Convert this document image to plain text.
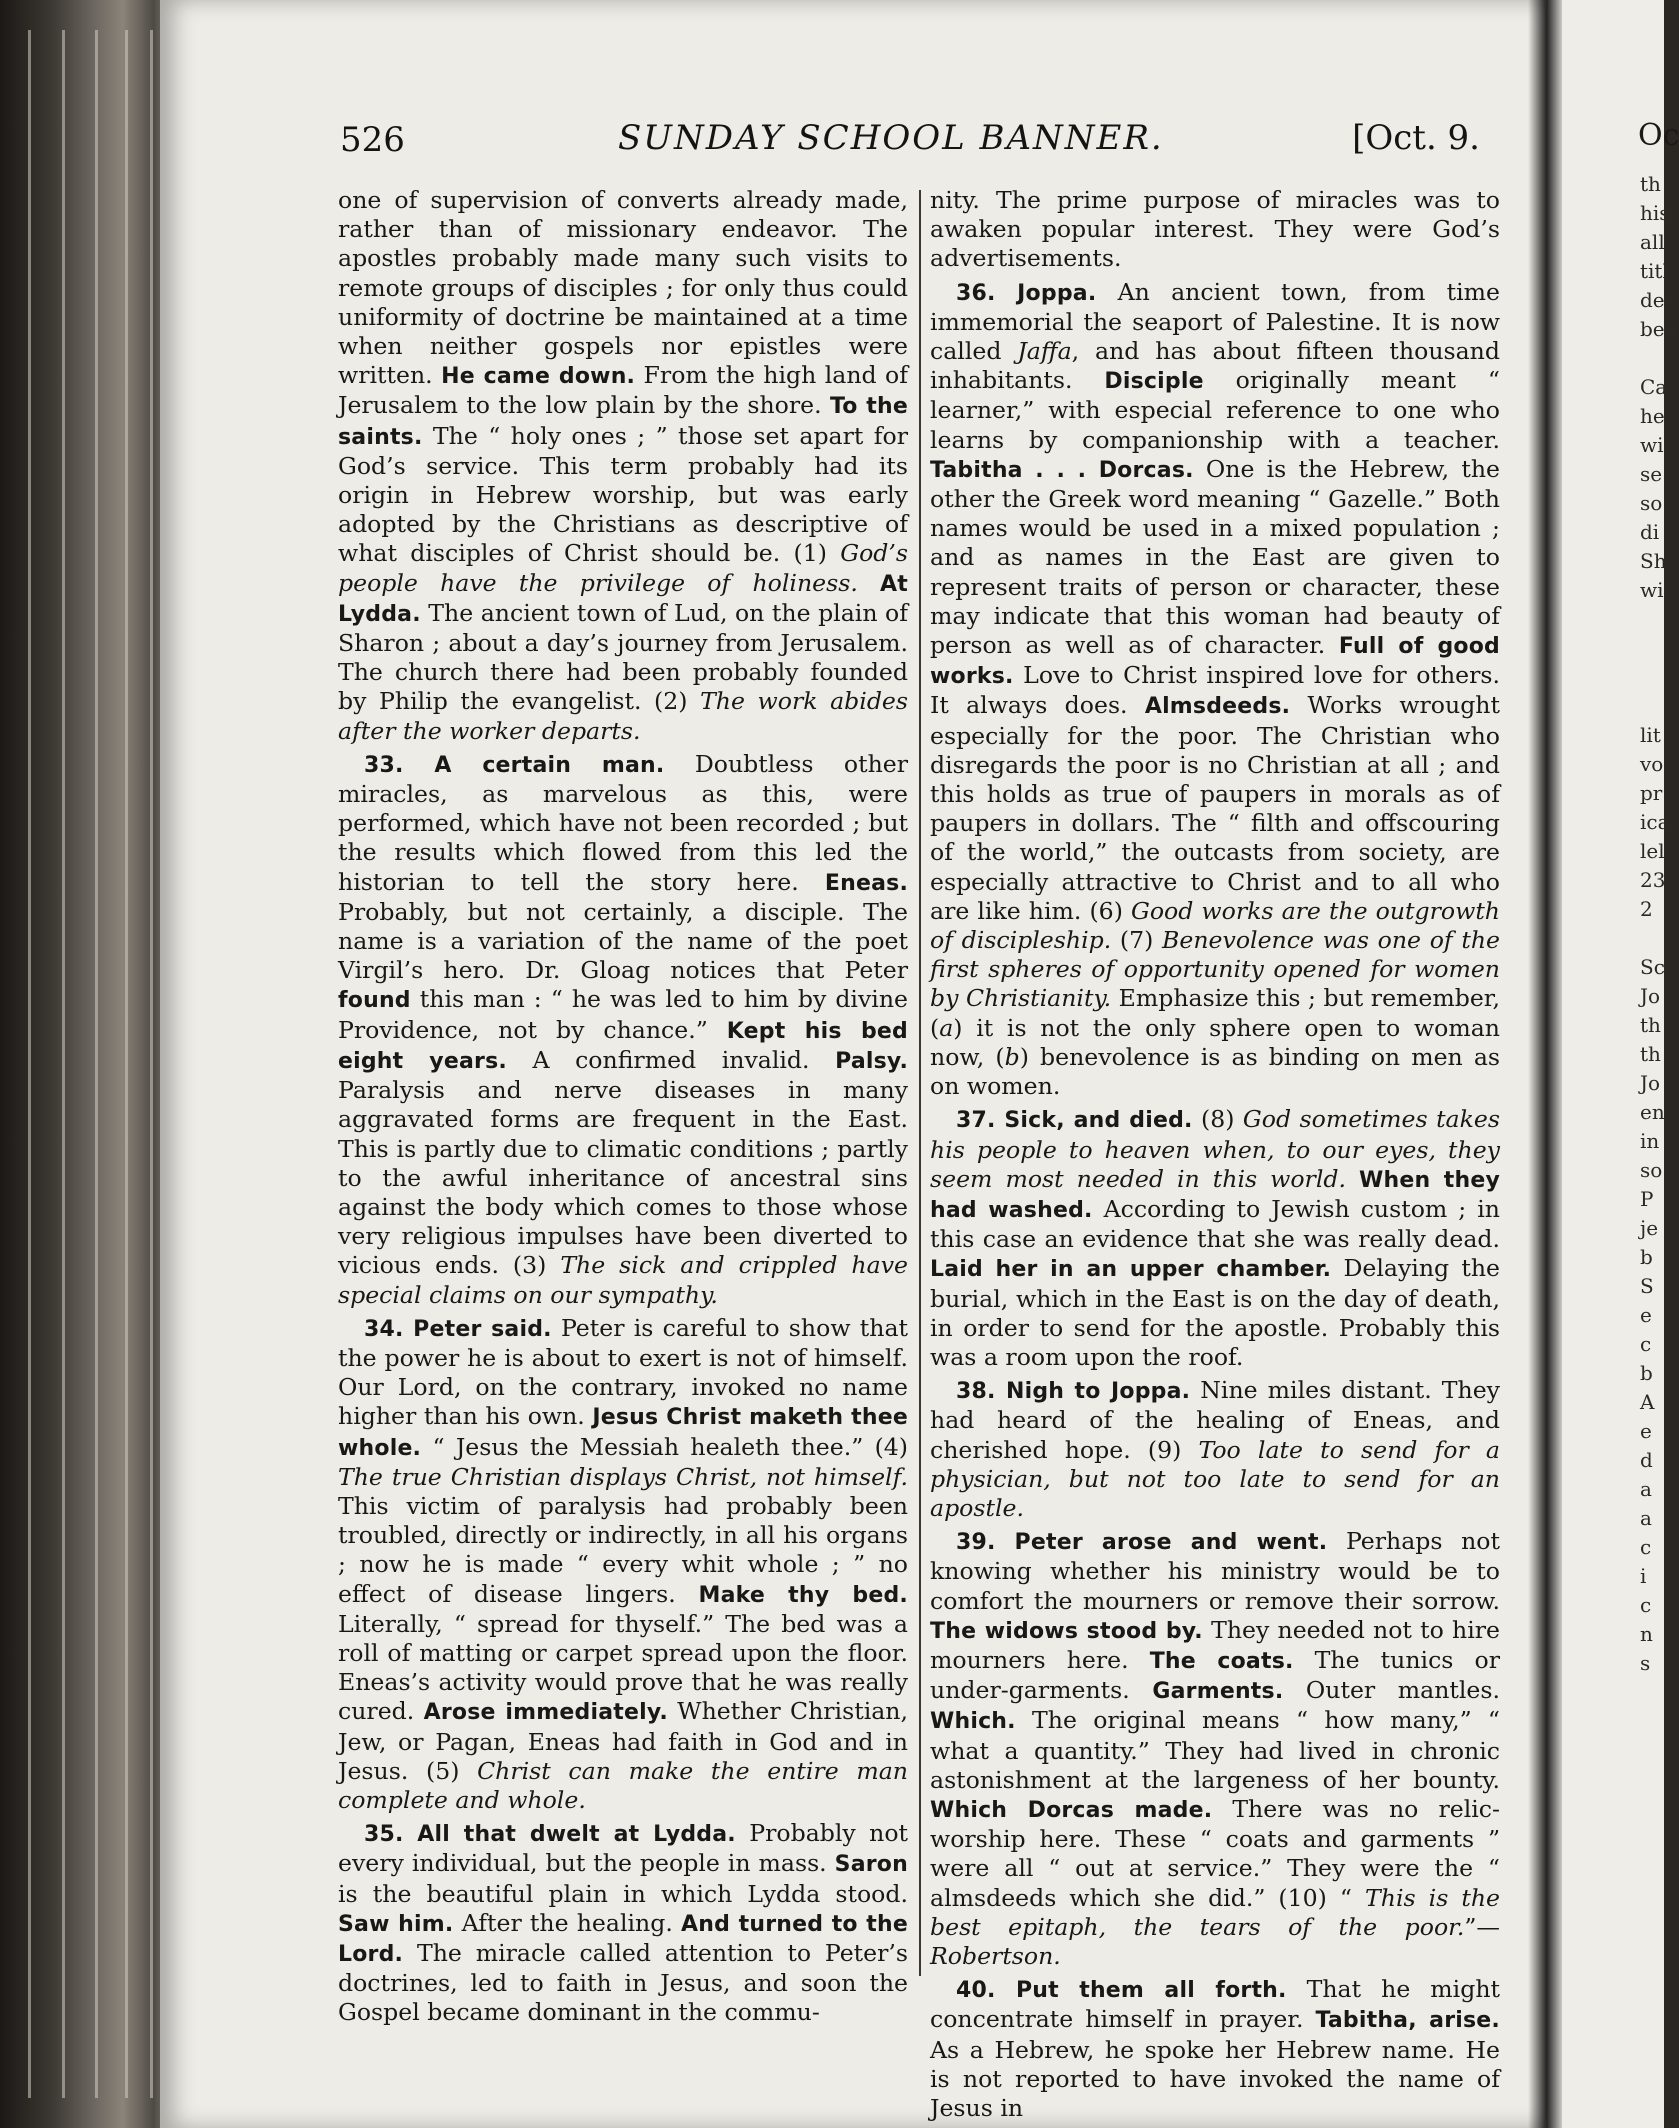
Oc
th
his
all
titl
des
bes

Ca
he
wi
se
so
di
Sh
wi

lit
vo
pr
ica
lel
23
2

Sc
Jo
th
th
Jo
en
in
so
P
je
b
S
e
c
b
A
e
d
a
a
c
i
c
n
s
526	SUNDAY SCHOOL BANNER.	[Oct. 9.

one of supervision of converts already made, rather than of missionary endeavor. The apostles probably made many such visits to remote groups of disciples ; for only thus could uniformity of doctrine be maintained at a time when neither gospels nor epistles were written. He came down. From the high land of Jerusalem to the low plain by the shore. To the saints. The “ holy ones ; ” those set apart for God’s service. This term probably had its origin in Hebrew worship, but was early adopted by the Christians as descriptive of what disciples of Christ should be. (1) God’s people have the privilege of holiness. At Lydda. The ancient town of Lud, on the plain of Sharon ; about a day’s journey from Jerusalem. The church there had been probably founded by Philip the evangelist. (2) The work abides after the worker departs.

33. A certain man. Doubtless other miracles, as marvelous as this, were performed, which have not been recorded ; but the results which flowed from this led the historian to tell the story here. Eneas. Probably, but not certainly, a disciple. The name is a variation of the name of the poet Virgil’s hero. Dr. Gloag notices that Peter found this man : “ he was led to him by divine Providence, not by chance.” Kept his bed eight years. A confirmed invalid. Palsy. Paralysis and nerve diseases in many aggravated forms are frequent in the East. This is partly due to climatic conditions ; partly to the awful inheritance of ancestral sins against the body which comes to those whose very religious impulses have been diverted to vicious ends. (3) The sick and crippled have special claims on our sympathy.

34. Peter said. Peter is careful to show that the power he is about to exert is not of himself. Our Lord, on the contrary, invoked no name higher than his own. Jesus Christ maketh thee whole. “ Jesus the Messiah healeth thee.” (4) The true Christian displays Christ, not himself. This victim of paralysis had probably been troubled, directly or indirectly, in all his organs ; now he is made “ every whit whole ; ” no effect of disease lingers. Make thy bed. Literally, “ spread for thyself.” The bed was a roll of matting or carpet spread upon the floor. Eneas’s activity would prove that he was really cured. Arose immediately. Whether Christian, Jew, or Pagan, Eneas had faith in God and in Jesus. (5) Christ can make the entire man complete and whole.

35. All that dwelt at Lydda. Probably not every individual, but the people in mass. Saron is the beautiful plain in which Lydda stood. Saw him. After the healing. And turned to the Lord. The miracle called attention to Peter’s doctrines, led to faith in Jesus, and soon the Gospel became dominant in the commu-

nity. The prime purpose of miracles was to awaken popular interest. They were God’s advertisements.

36. Joppa. An ancient town, from time immemorial the seaport of Palestine. It is now called Jaffa, and has about fifteen thousand inhabitants. Disciple originally meant “ learner,” with especial reference to one who learns by companionship with a teacher. Tabitha . . . Dorcas. One is the Hebrew, the other the Greek word meaning “ Gazelle.” Both names would be used in a mixed population ; and as names in the East are given to represent traits of person or character, these may indicate that this woman had beauty of person as well as of character. Full of good works. Love to Christ inspired love for others. It always does. Almsdeeds. Works wrought especially for the poor. The Christian who disregards the poor is no Christian at all ; and this holds as true of paupers in morals as of paupers in dollars. The “ filth and offscouring of the world,” the outcasts from society, are especially attractive to Christ and to all who are like him. (6) Good works are the outgrowth of discipleship. (7) Benevolence was one of the first spheres of opportunity opened for women by Christianity. Emphasize this ; but remember, (a) it is not the only sphere open to woman now, (b) benevolence is as binding on men as on women.

37. Sick, and died. (8) God sometimes takes his people to heaven when, to our eyes, they seem most needed in this world. When they had washed. According to Jewish custom ; in this case an evidence that she was really dead. Laid her in an upper chamber. Delaying the burial, which in the East is on the day of death, in order to send for the apostle. Probably this was a room upon the roof.

38. Nigh to Joppa. Nine miles distant. They had heard of the healing of Eneas, and cherished hope. (9) Too late to send for a physician, but not too late to send for an apostle.

39. Peter arose and went. Perhaps not knowing whether his ministry would be to comfort the mourners or remove their sorrow. The widows stood by. They needed not to hire mourners here. The coats. The tunics or under-garments. Garments. Outer mantles. Which. The original means “ how many,” “ what a quantity.” They had lived in chronic astonishment at the largeness of her bounty. Which Dorcas made. There was no relic-worship here. These “ coats and garments ” were all “ out at service.” They were the “ almsdeeds which she did.” (10) “ This is the best epitaph, the tears of the poor.”—Robertson.

40. Put them all forth. That he might concentrate himself in prayer. Tabitha, arise. As a Hebrew, he spoke her Hebrew name. He is not reported to have invoked the name of Jesus in
